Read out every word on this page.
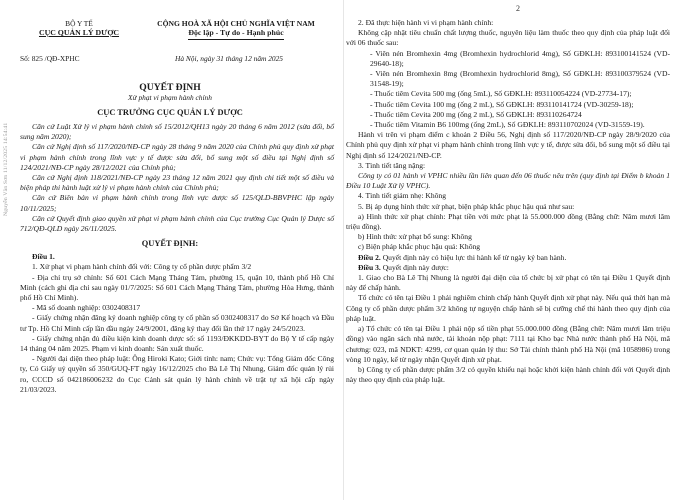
Nguyễn Văn Sơn 11/12/2025 14:54:41
BỘ Y TẾ
CỤC QUẢN LÝ DƯỢC
CỘNG HOÀ XÃ HỘI CHỦ NGHĨA VIỆT NAM
Độc lập - Tự do - Hạnh phúc
Số: 825 /QĐ-XPHC	Hà Nội, ngày 31 tháng 12 năm 2025
QUYẾT ĐỊNH
Xử phạt vi phạm hành chính
CỤC TRƯỞNG CỤC QUẢN LÝ DƯỢC

Căn cứ Luật Xử lý vi phạm hành chính số 15/2012/QH13 ngày 20 tháng 6 năm 2012 (sửa đổi, bổ sung năm 2020);

Căn cứ Nghị định số 117/2020/NĐ-CP ngày 28 tháng 9 năm 2020 của Chính phủ quy định xử phạt vi phạm hành chính trong lĩnh vực y tế được sửa đổi, bổ sung một số điều tại Nghị định số 124/2021/NĐ-CP ngày 28/12/2021 của Chính phủ;

Căn cứ Nghị định 118/2021/NĐ-CP ngày 23 tháng 12 năm 2021 quy định chi tiết một số điều và biện pháp thi hành luật xử lý vi phạm hành chính của Chính phủ;

Căn cứ Biên bản vi phạm hành chính trong lĩnh vực dược số 125/QLD-BBVPHC lập ngày 10/11/2025;

Căn cứ Quyết định giao quyền xử phạt vi phạm hành chính của Cục trưởng Cục Quản lý Dược số 712/QĐ-QLD ngày 26/11/2025.

QUYẾT ĐỊNH:

Điều 1.

1. Xử phạt vi phạm hành chính đối với: Công ty cổ phần dược phẩm 3/2

- Địa chỉ trụ sở chính: Số 601 Cách Mạng Tháng Tám, phường 15, quận 10, thành phố Hồ Chí Minh (cách ghi địa chỉ sau ngày 01/7/2025: Số 601 Cách Mạng Tháng Tám, phường Hòa Hưng, thành phố Hồ Chí Minh).

- Mã số doanh nghiệp: 0302408317

- Giấy chứng nhận đăng ký doanh nghiệp công ty cổ phần số 0302408317 do Sở Kế hoạch và Đầu tư Tp. Hồ Chí Minh cấp lần đầu ngày 24/9/2001, đăng ký thay đổi lần thứ 17 ngày 24/5/2023.

- Giấy chứng nhận đủ điều kiện kinh doanh dược số: số 1193/ĐKKDD-BYT do Bộ Y tế cấp ngày 14 tháng 04 năm 2025. Phạm vi kinh doanh: Sản xuất thuốc.

- Người đại diện theo pháp luật: Ông Hiroki Kato; Giới tính: nam; Chức vụ: Tổng Giám đốc Công ty, Có Giấy uỷ quyền số 350/GUQ-FT ngày 16/12/2025 cho Bà Lê Thị Nhung, Giám đốc quản lý rủi ro, CCCD số 042186006232 do Cục Cảnh sát quản lý hành chính về trật tự xã hội cấp ngày 21/03/2023.

2

2. Đã thực hiện hành vi vi phạm hành chính:

Không cập nhật tiêu chuẩn chất lượng thuốc, nguyên liệu làm thuốc theo quy định của pháp luật đối với 06 thuốc sau:

- Viên nén Bromhexin 4mg (Bromhexin hydrochlorid 4mg), Số GĐKLH: 893100141524 (VD-29640-18);

- Viên nén Bromhexin 8mg (Bromhexin hydrochlorid 8mg), Số GĐKLH: 893100379524 (VD-31548-19);

- Thuốc tiêm Cevita 500 mg (ống 5mL), Số GĐKLH: 893110054224 (VD-27734-17);

- Thuốc tiêm Cevita 100 mg (ống 2 mL), Số GĐKLH: 893110141724 (VD-30259-18);

- Thuốc tiêm Cevita 200 mg (ống 2 mL), Số GĐKLH: 893110264724

- Thuốc tiêm Vitamin B6 100mg (ống 2mL), Số GĐKLH: 893110702024 (VD-31559-19).

Hành vi trên vi phạm điểm c khoản 2 Điều 56, Nghị định số 117/2020/NĐ-CP ngày 28/9/2020 của Chính phủ quy định xử phạt vi phạm hành chính trong lĩnh vực y tế, được sửa đổi, bổ sung một số điều tại Nghị định số 124/2021/NĐ-CP.

3. Tình tiết tăng nặng:

Công ty có 01 hành vi VPHC nhiều lần liên quan đến 06 thuốc nêu trên (quy định tại Điểm b khoản 1 Điều 10 Luật Xử lý VPHC).

4. Tình tiết giảm nhẹ: Không

5. Bị áp dụng hình thức xử phạt, biện pháp khắc phục hậu quả như sau:

a) Hình thức xử phạt chính: Phạt tiền với mức phạt là 55.000.000 đồng (Bằng chữ: Năm mươi lăm triệu đồng).

b) Hình thức xử phạt bổ sung: Không

c) Biện pháp khắc phục hậu quả: Không

Điều 2. Quyết định này có hiệu lực thi hành kể từ ngày ký ban hành.

Điều 3. Quyết định này được:

1. Giao cho Bà Lê Thị Nhung là người đại diện của tổ chức bị xử phạt có tên tại Điều 1 Quyết định này để chấp hành.

Tổ chức có tên tại Điều 1 phải nghiêm chỉnh chấp hành Quyết định xử phạt này. Nếu quá thời hạn mà Công ty cổ phần dược phẩm 3/2 không tự nguyện chấp hành sẽ bị cưỡng chế thi hành theo quy định của pháp luật.

a) Tổ chức có tên tại Điều 1 phải nộp số tiền phạt 55.000.000 đồng (Bằng chữ: Năm mươi lăm triệu đồng) vào ngân sách nhà nước, tài khoản nộp phạt: 7111 tại Kho bạc Nhà nước thành phố Hà Nội, mã chương: 023, mã NDKT: 4299, cơ quan quản lý thu: Sở Tài chính thành phố Hà Nội (mã 1058986) trong vòng 10 ngày, kể từ ngày nhận Quyết định xử phạt.

b) Công ty cổ phần dược phẩm 3/2 có quyền khiếu nại hoặc khởi kiện hành chính đối với Quyết định này theo quy định của pháp luật.
